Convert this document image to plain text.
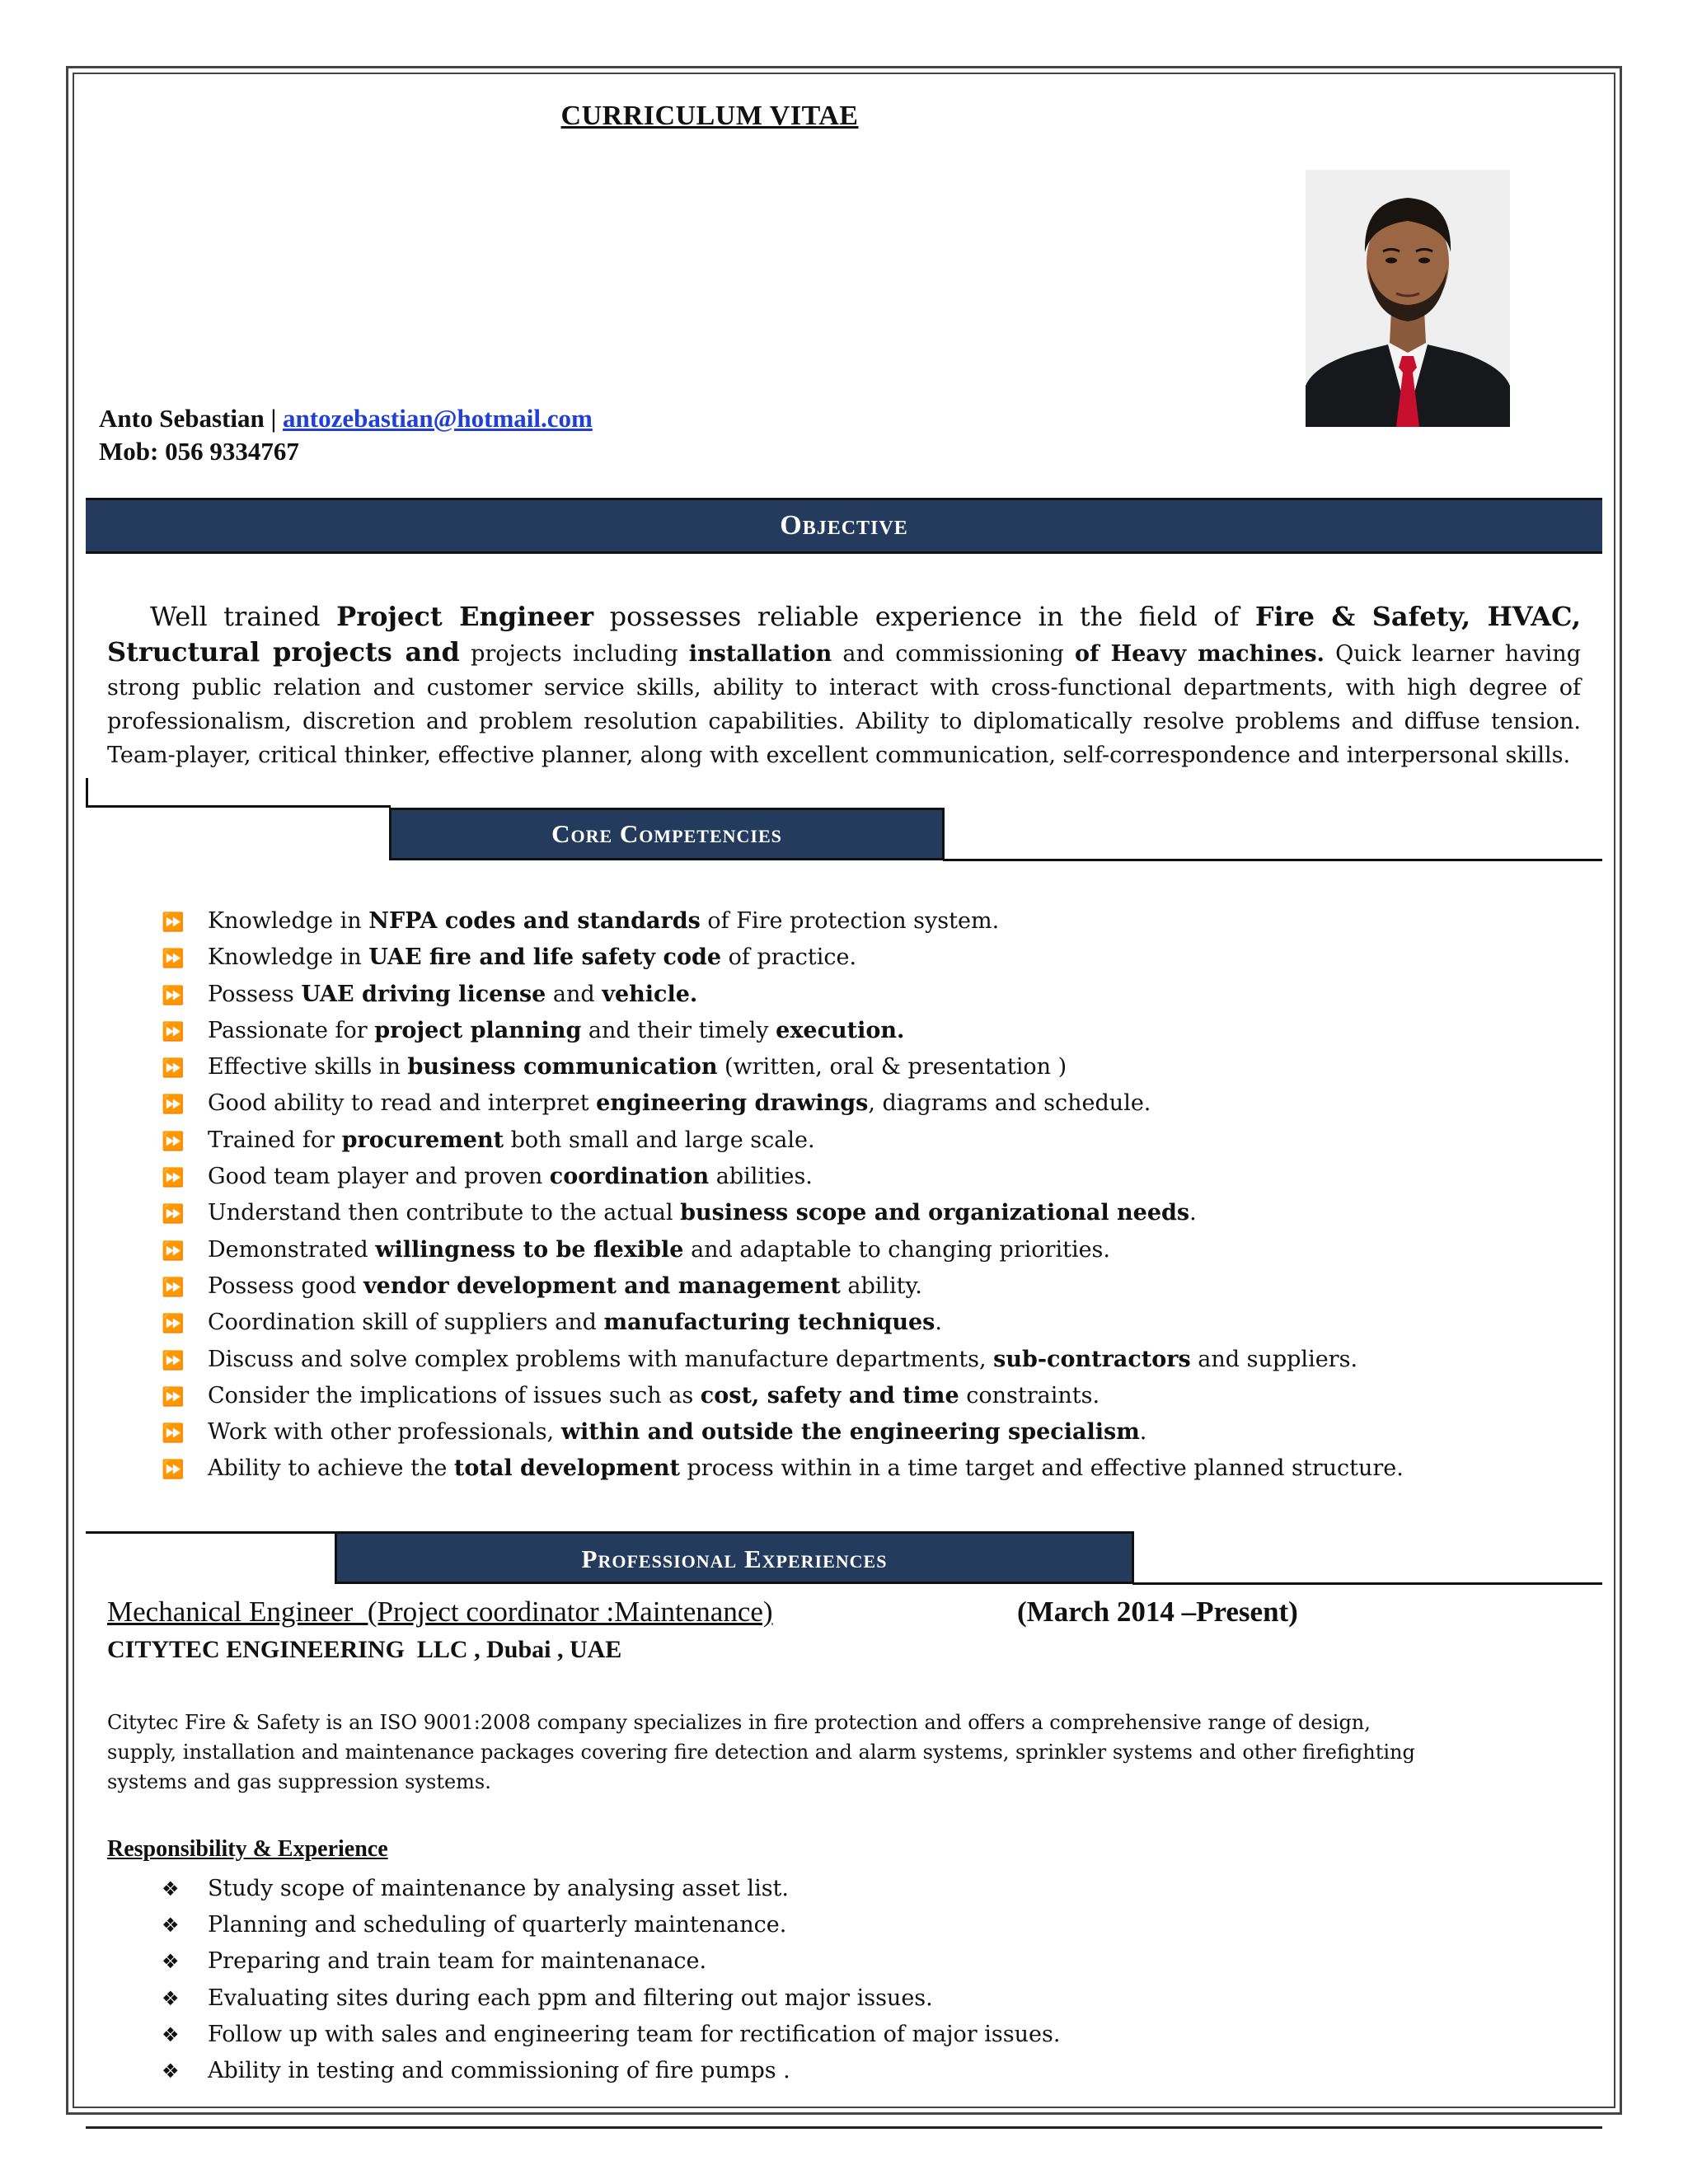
CURRICULUM VITAE
Anto Sebastian | antozebastian@hotmail.com
Mob: 056 9334767
Objective
Well trained Project Engineer possesses reliable experience in the field of Fire & Safety, HVAC, Structural projects and projects including installation and commissioning of Heavy machines. Quick learner having strong public relation and customer service skills, ability to interact with cross-functional departments, with high degree of professionalism, discretion and problem resolution capabilities. Ability to diplomatically resolve problems and diffuse tension. Team-player, critical thinker, effective planner, along with excellent communication, self-correspondence and interpersonal skills.
Core Competencies
⏩ Knowledge in NFPA codes and standards of Fire protection system.
⏩ Knowledge in UAE fire and life safety code of practice.
⏩ Possess UAE driving license and vehicle.
⏩ Passionate for project planning and their timely execution.
⏩ Effective skills in business communication (written, oral & presentation )
⏩ Good ability to read and interpret engineering drawings, diagrams and schedule.
⏩ Trained for procurement both small and large scale.
⏩ Good team player and proven coordination abilities.
⏩ Understand then contribute to the actual business scope and organizational needs.
⏩ Demonstrated willingness to be flexible and adaptable to changing priorities.
⏩ Possess good vendor development and management ability.
⏩ Coordination skill of suppliers and manufacturing techniques.
⏩ Discuss and solve complex problems with manufacture departments, sub-contractors and suppliers.
⏩ Consider the implications of issues such as cost, safety and time constraints.
⏩ Work with other professionals, within and outside the engineering specialism.
⏩ Ability to achieve the total development process within in a time target and effective planned structure.
Professional Experiences
Mechanical Engineer  (Project coordinator :Maintenance)	(March 2014 –Present)
CITYTEC ENGINEERING  LLC , Dubai , UAE
Citytec Fire & Safety is an ISO 9001:2008 company specializes in fire protection and offers a comprehensive range of design, supply, installation and maintenance packages covering fire detection and alarm systems, sprinkler systems and other firefighting systems and gas suppression systems.
Responsibility & Experience
❖ Study scope of maintenance by analysing asset list.
❖ Planning and scheduling of quarterly maintenance.
❖ Preparing and train team for maintenanace.
❖ Evaluating sites during each ppm and filtering out major issues.
❖ Follow up with sales and engineering team for rectification of major issues.
❖ Ability in testing and commissioning of fire pumps .
